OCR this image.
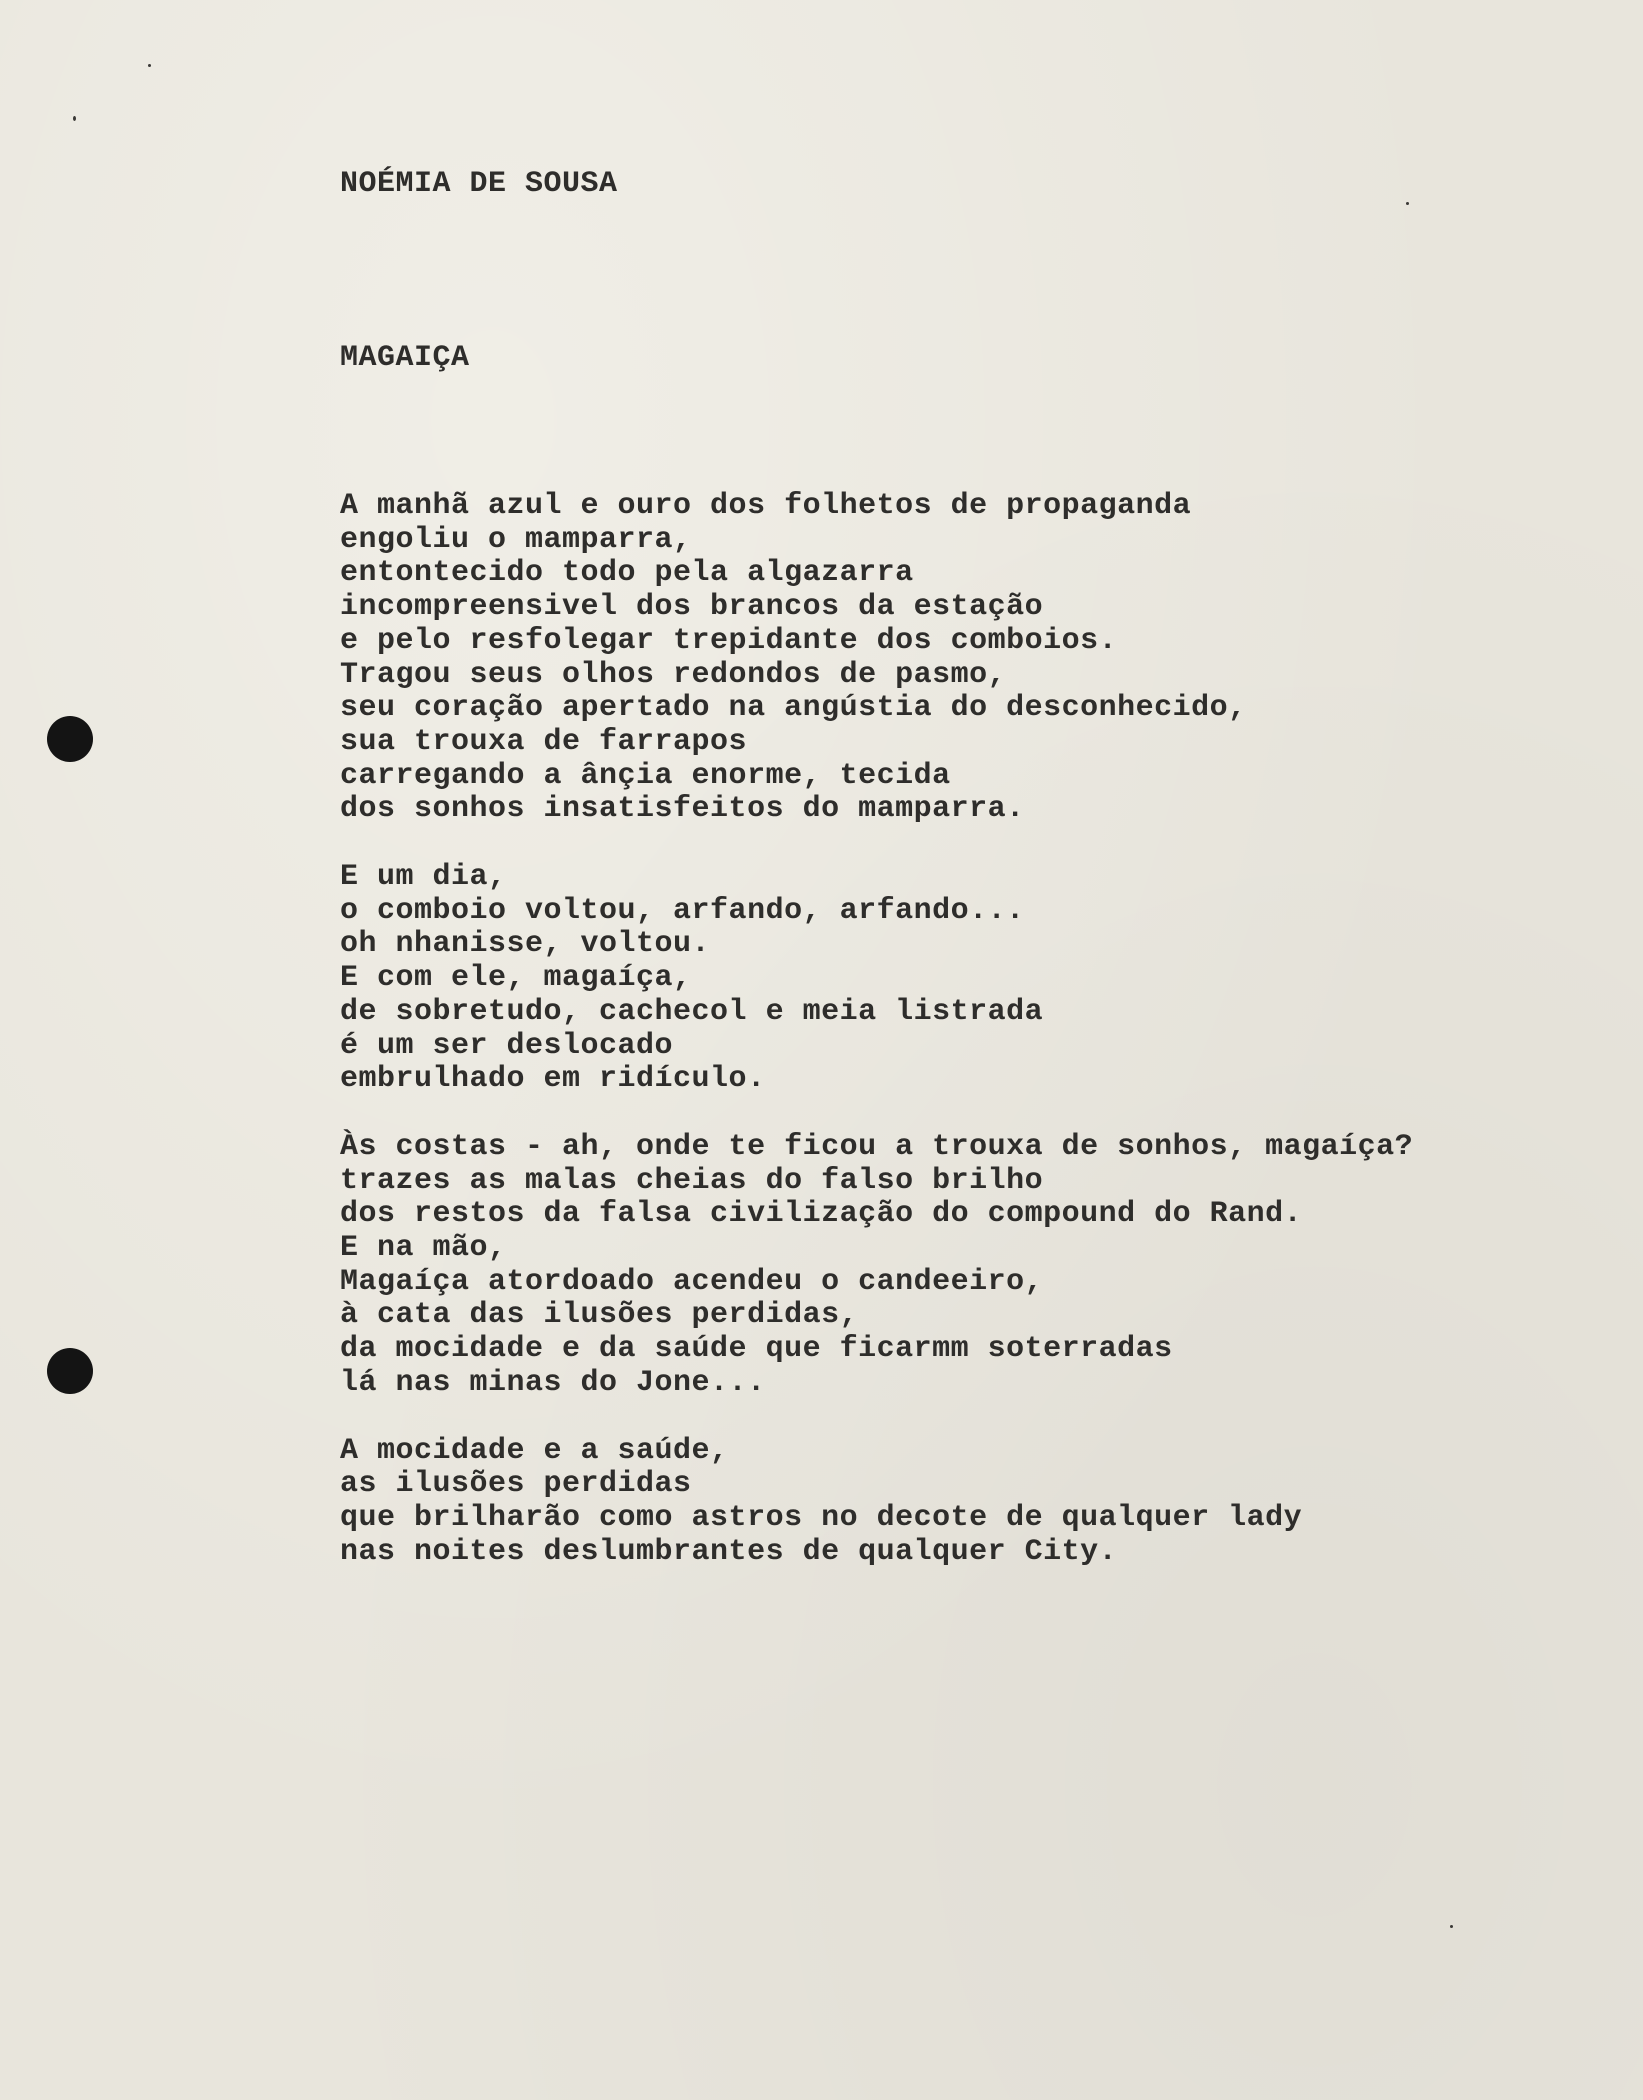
NOÉMIA DE SOUSA
MAGAIÇA
A manhã azul e ouro dos folhetos de propaganda
engoliu o mamparra,
entontecido todo pela algazarra
incompreensivel dos brancos da estação
e pelo resfolegar trepidante dos comboios.
Tragou seus olhos redondos de pasmo,
seu coração apertado na angústia do desconhecido,
sua trouxa de farrapos
carregando a ânçia enorme, tecida
dos sonhos insatisfeitos do mamparra.
E um dia,
o comboio voltou, arfando, arfando...
oh nhanisse, voltou.
E com ele, magaíça,
de sobretudo, cachecol e meia listrada
é um ser deslocado
embrulhado em ridículo.
Às costas - ah, onde te ficou a trouxa de sonhos, magaíça?
trazes as malas cheias do falso brilho
dos restos da falsa civilização do compound do Rand.
E na mão,
Magaíça atordoado acendeu o candeeiro,
à cata das ilusões perdidas,
da mocidade e da saúde que ficarmm soterradas
lá nas minas do Jone...
A mocidade e a saúde,
as ilusões perdidas
que brilharão como astros no decote de qualquer lady
nas noites deslumbrantes de qualquer City.
